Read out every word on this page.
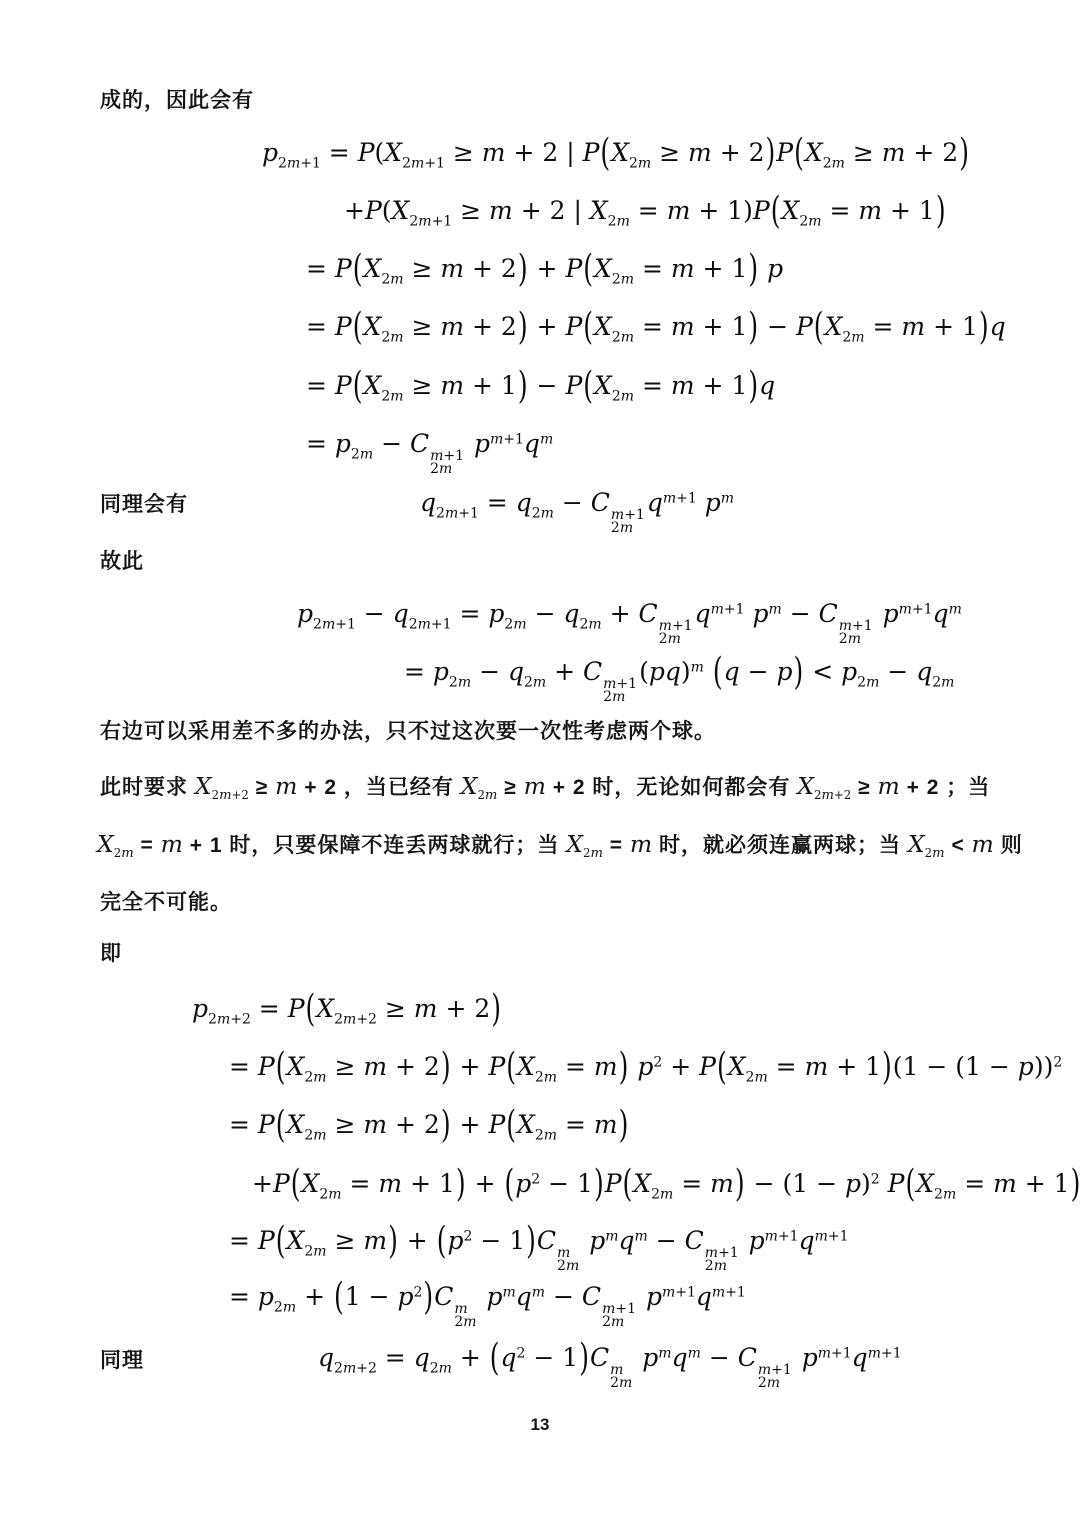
成的，因此会有
$p_{2m+1} = P(X_{2m+1} \ge m + 2$ | $P(X_{2m} \ge m + 2)P(X_{2m} \ge m + 2)$
$+P(X_{2m+1} \ge m + 2$ | $X_{2m} = m + 1)P(X_{2m} = m + 1)$
= $P(X_{2m} \ge m + 2) + P(X_{2m} = m + 1)$ p
= $P(X_{2m} \ge m + 2) + P(X_{2m} = m + 1) - P(X_{2m} = m + 1)q$
= $P(X_{2m} \ge m + 1) - P(X_{2m} = m + 1)q$
= $p_{2m} - C$ m+1
2m
$p^{m+1}q^m$
同理会有	$q_{2m+1} = q_{2m} - C$ m+1
2m
$q^{m+1}$ $p^m$
故此
$p_{2m+1} - q_{2m+1} = p_{2m} - q_{2m} + C$ m+1
2m
$q^{m+1}$ $p^m - C$ m+1
2m
$p^{m+1}q^m$
= $p_{2m} - q_{2m} + C$ m+1
2m
(pq)$^m$ $(q - p) < p_{2m} - q_{2m}$
右边可以采用差不多的办法，只不过这次要一次性考虑两个球。
此时要求 $X_{2m+2} \ge m + 2$ ，当已经有 $X_{2m} \ge m + 2$ 时，无论如何都会有 $X_{2m+2} \ge m + 2$ ；当
$X_{2m} = m + 1$ 时，只要保障不连丢两球就行；当 $X_{2m} = m$ 时，就必须连赢两球；当 $X_{2m} < m$ 则
完全不可能。
即
$p_{2m+2} = P(X_{2m+2} \ge m + 2)$
= $P(X_{2m} \ge m + 2) + P(X_{2m} = m) p^2 + P(X_{2m} = m + 1)(1 - (1 - p))^2$
= $P(X_{2m} \ge m + 2) + P(X_{2m} = m)$
$+P(X_{2m} = m + 1) + (p^2 - 1)P(X_{2m} = m) - (1 - p)^2$ $P(X_{2m} = m + 1)$
= $P(X_{2m} \ge m) + (p^2 - 1)C$ m
2m
$p^mq^m - C$ m+1
2m
$p^{m+1}q^{m+1}$
= $p_{2m} + (1 - p^2)C$ m
2m
$p^mq^m - C$ m+1
2m
$p^{m+1}q^{m+1}$
同理	$q_{2m+2} = q_{2m} + (q^2 - 1)C$ m
2m
$p^mq^m - C$ m+1
2m
$p^{m+1}q^{m+1}$
13
